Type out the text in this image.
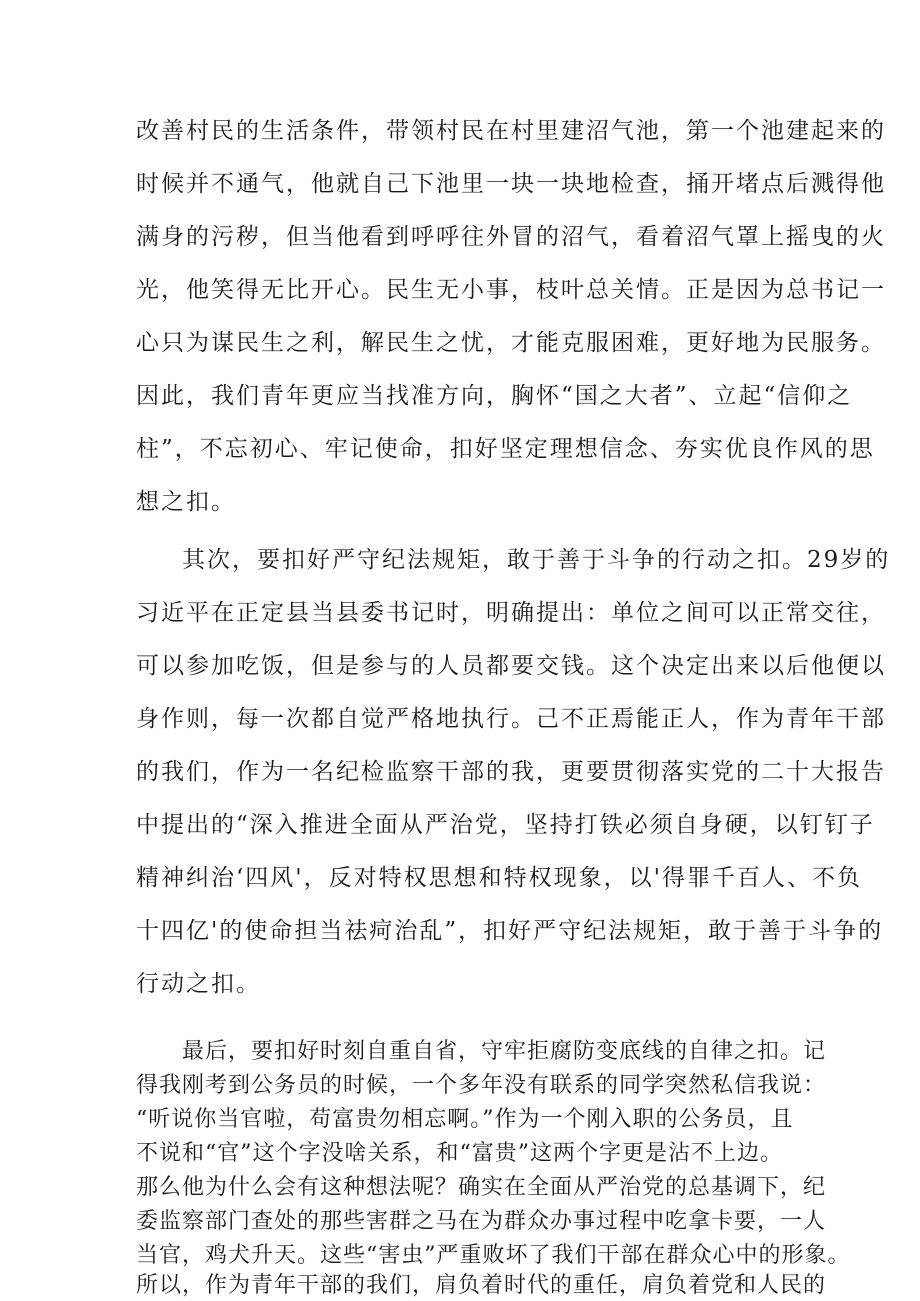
改善村民的生活条件，带领村民在村里建沼气池，第一个池建起来的

时候并不通气，他就自己下池里一块一块地检查，捅开堵点后溅得他

满身的污秽，但当他看到呼呼往外冒的沼气，看着沼气罩上摇曳的火

光，他笑得无比开心。民生无小事，枝叶总关情。正是因为总书记一

心只为谋民生之利，解民生之忧，才能克服困难，更好地为民服务。

因此，我们青年更应当找准方向，胸怀“国之大者”、立起“信仰之

柱”，不忘初心、牢记使命，扣好坚定理想信念、夯实优良作风的思

想之扣。

其次，要扣好严守纪法规矩，敢于善于斗争的行动之扣。29岁的

习近平在正定县当县委书记时，明确提出：单位之间可以正常交往，

可以参加吃饭，但是参与的人员都要交钱。这个决定出来以后他便以

身作则，每一次都自觉严格地执行。己不正焉能正人，作为青年干部

的我们，作为一名纪检监察干部的我，更要贯彻落实党的二十大报告

中提出的“深入推进全面从严治党，坚持打铁必须自身硬，以钉钉子

精神纠治‘四风'，反对特权思想和特权现象，以'得罪千百人、不负

十四亿'的使命担当祛疴治乱”，扣好严守纪法规矩，敢于善于斗争的

行动之扣。

最后，要扣好时刻自重自省，守牢拒腐防变底线的自律之扣。记

得我刚考到公务员的时候，一个多年没有联系的同学突然私信我说：

“听说你当官啦，苟富贵勿相忘啊。”作为一个刚入职的公务员，且

不说和“官”这个字没啥关系，和“富贵”这两个字更是沾不上边。

那么他为什么会有这种想法呢？确实在全面从严治党的总基调下，纪

委监察部门查处的那些害群之马在为群众办事过程中吃拿卡要，一人

当官，鸡犬升天。这些“害虫”严重败坏了我们干部在群众心中的形象。

所以，作为青年干部的我们，肩负着时代的重任，肩负着党和人民的
